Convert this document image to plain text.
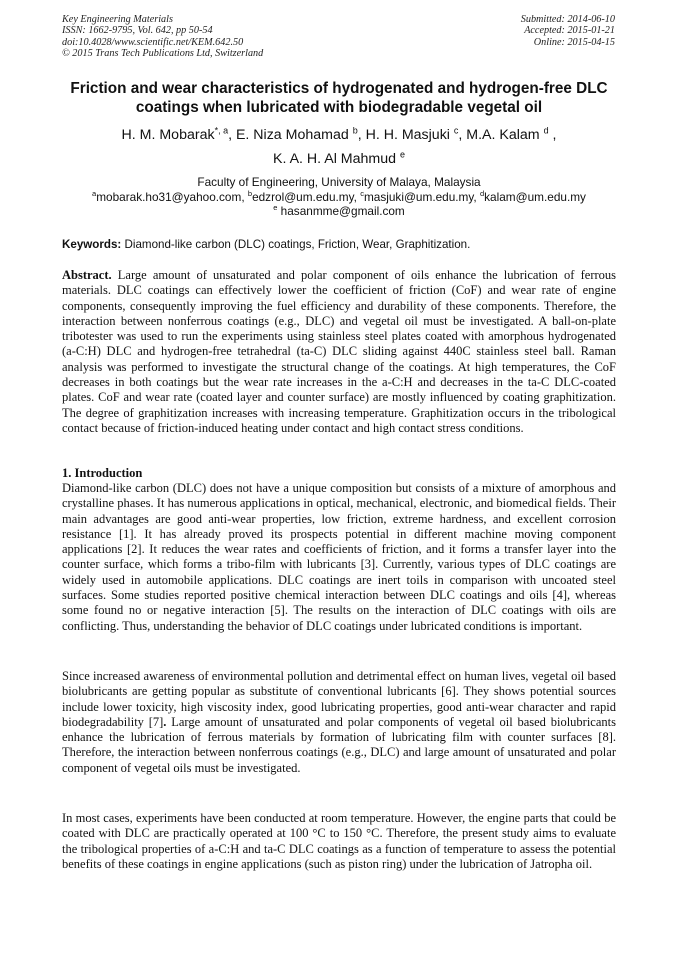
Key Engineering Materials
ISSN: 1662-9795, Vol. 642, pp 50-54
doi:10.4028/www.scientific.net/KEM.642.50
© 2015 Trans Tech Publications Ltd, Switzerland
Submitted: 2014-06-10
Accepted: 2015-01-21
Online: 2015-04-15
Friction and wear characteristics of hydrogenated and hydrogen-free DLC coatings when lubricated with biodegradable vegetal oil
H. M. Mobarak$^{*, a}$, E. Niza Mohamad $^b$, H. H. Masjuki $^c$, M.A. Kalam $^d$ ,
K. A. H. Al Mahmud $^e$
Faculty of Engineering, University of Malaya, Malaysia
$^a$mobarak.ho31@yahoo.com, $^b$edzrol@um.edu.my, $^c$masjuki@um.edu.my, $^d$kalam@um.edu.my
$^e$ hasanmme@gmail.com
Keywords: Diamond-like carbon (DLC) coatings, Friction, Wear, Graphitization.

Abstract. Large amount of unsaturated and polar component of oils enhance the lubrication of ferrous materials. DLC coatings can effectively lower the coefficient of friction (CoF) and wear rate of engine components, consequently improving the fuel efficiency and durability of these components. Therefore, the interaction between nonferrous coatings (e.g., DLC) and vegetal oil must be investigated. A ball-on-plate tribotester was used to run the experiments using stainless steel plates coated with amorphous hydrogenated (a-C:H) DLC and hydrogen-free tetrahedral (ta-C) DLC sliding against 440C stainless steel ball. Raman analysis was performed to investigate the structural change of the coatings. At high temperatures, the CoF decreases in both coatings but the wear rate increases in the a-C:H and decreases in the ta-C DLC-coated plates. CoF and wear rate (coated layer and counter surface) are mostly influenced by coating graphitization. The degree of graphitization increases with increasing temperature. Graphitization occurs in the tribological contact because of friction-induced heating under contact and high contact stress conditions.

1. Introduction

Diamond-like carbon (DLC) does not have a unique composition but consists of a mixture of amorphous and crystalline phases. It has numerous applications in optical, mechanical, electronic, and biomedical fields. Their main advantages are good anti-wear properties, low friction, extreme hardness, and excellent corrosion resistance [1]. It has already proved its prospects potential in different machine moving component applications [2]. It reduces the wear rates and coefficients of friction, and it forms a transfer layer into the counter surface, which forms a tribo-film with lubricants [3]. Currently, various types of DLC coatings are widely used in automobile applications. DLC coatings are inert toils in comparison with uncoated steel surfaces. Some studies reported positive chemical interaction between DLC coatings and oils [4], whereas some found no or negative interaction [5]. The results on the interaction of DLC coatings with oils are conflicting. Thus, understanding the behavior of DLC coatings under lubricated conditions is important.

Since increased awareness of environmental pollution and detrimental effect on human lives, vegetal oil based biolubricants are getting popular as substitute of conventional lubricants [6]. They shows potential sources include lower toxicity, high viscosity index, good lubricating properties, good anti-wear character and rapid biodegradability [7]. Large amount of unsaturated and polar components of vegetal oil based biolubricants enhance the lubrication of ferrous materials by formation of lubricating film with counter surfaces [8]. Therefore, the interaction between nonferrous coatings (e.g., DLC) and large amount of unsaturated and polar component of vegetal oils must be investigated.

In most cases, experiments have been conducted at room temperature. However, the engine parts that could be coated with DLC are practically operated at 100 °C to 150 °C. Therefore, the present study aims to evaluate the tribological properties of a-C:H and ta-C DLC coatings as a function of temperature to assess the potential benefits of these coatings in engine applications (such as piston ring) under the lubrication of Jatropha oil.
